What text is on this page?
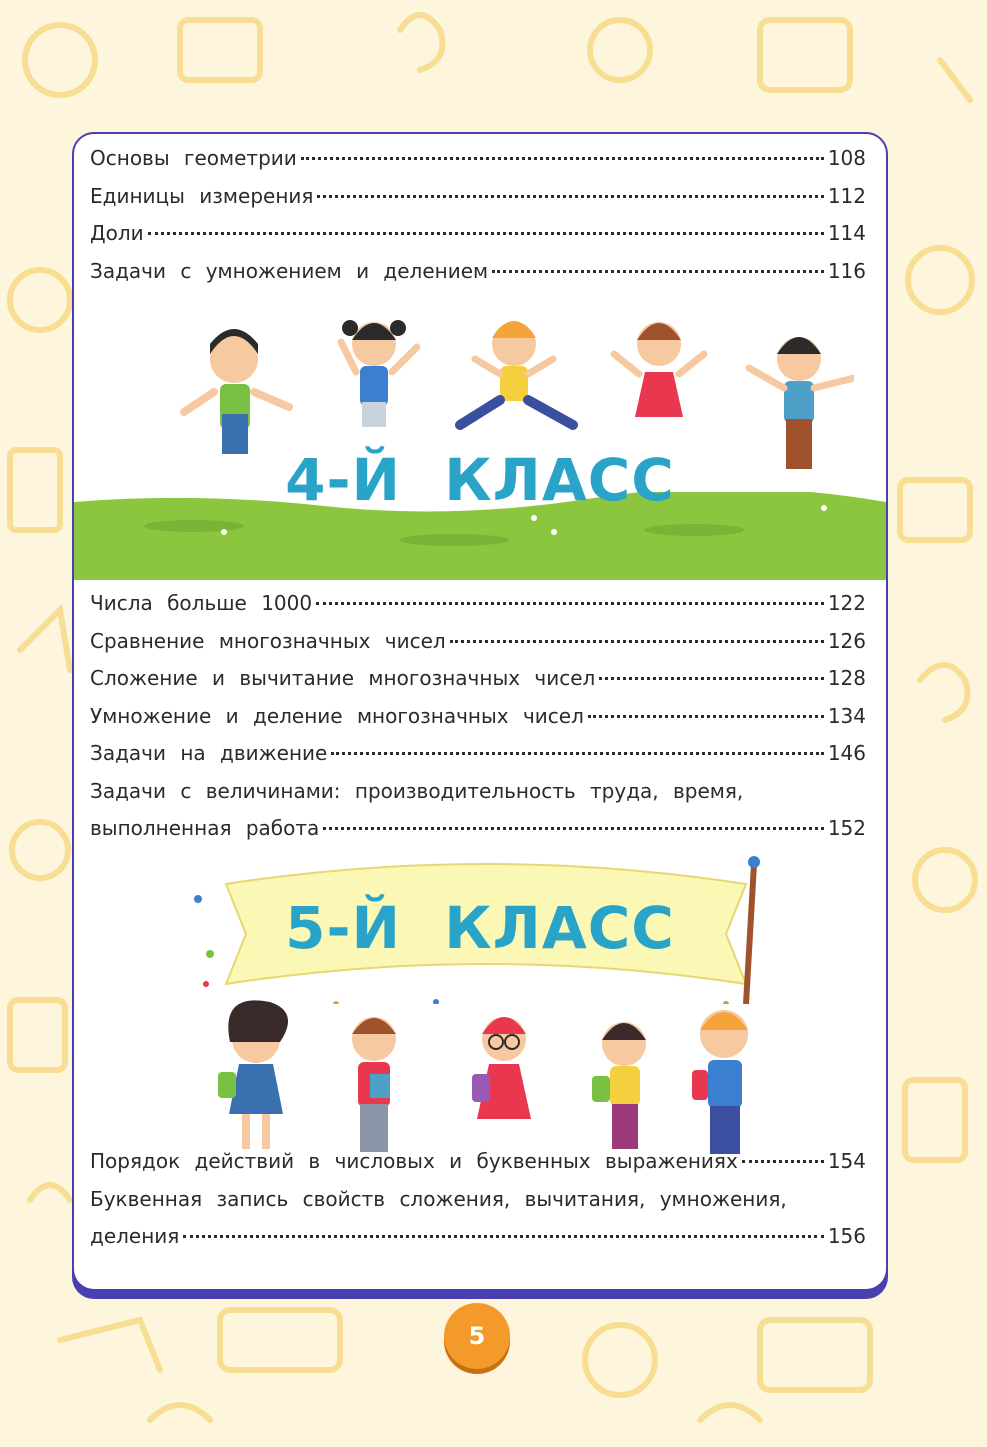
Основы геометрии	108
Единицы измерения	112
Доли	114
Задачи с умножением и делением	116
4-Й КЛАСС
Числа больше 1000	122
Сравнение многозначных чисел	126
Сложение и вычитание многозначных чисел	128
Умножение и деление многозначных чисел	134
Задачи на движение	146
Задачи с величинами: производительность труда, время,
выполненная работа	152
5-Й КЛАСС
Порядок действий в числовых и буквенных выражениях	154
Буквенная запись свойств сложения, вычитания, умножения,
деления	156
5
